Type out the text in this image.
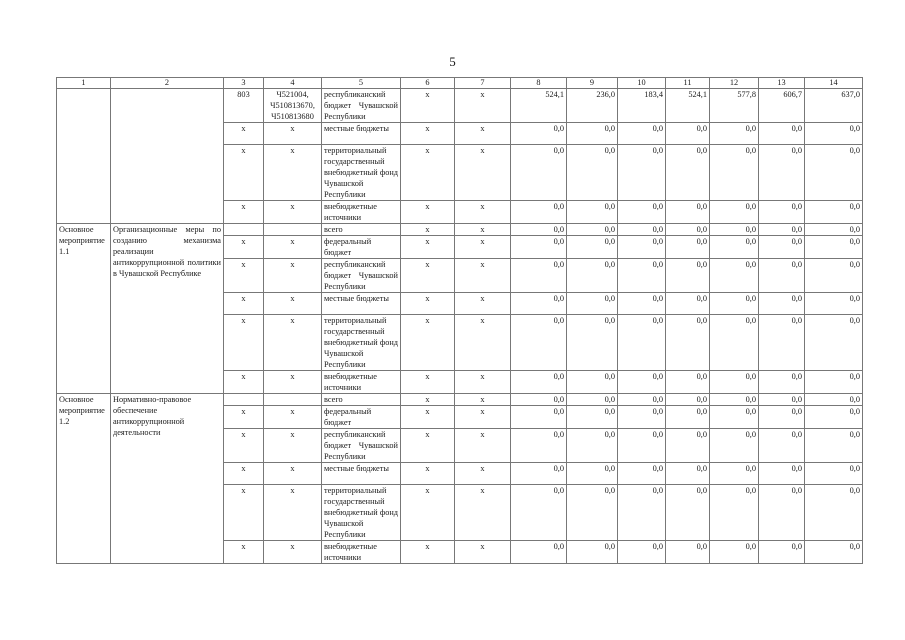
5
1	2	3	4	5	6	7	8	9	10	11	12	13	14
		803	Ч521004, Ч510813670, Ч510813680	республиканский бюджет Чувашской Республики	x	x	524,1	236,0	183,4	524,1	577,8	606,7	637,0
		x	x	местные бюджеты	x	x	0,0	0,0	0,0	0,0	0,0	0,0	0,0
		x	x	территориальный государственный внебюджетный фонд Чувашской Республики	x	x	0,0	0,0	0,0	0,0	0,0	0,0	0,0
		x	x	внебюджетные источники	x	x	0,0	0,0	0,0	0,0	0,0	0,0	0,0
Основное мероприятие 1.1	Организационные меры по созданию механизма реализации антикоррупционной политики в Чувашской Республике			всего	x	x	0,0	0,0	0,0	0,0	0,0	0,0	0,0
		x	x	федеральный бюджет	x	x	0,0	0,0	0,0	0,0	0,0	0,0	0,0
		x	x	республиканский бюджет Чувашской Республики	x	x	0,0	0,0	0,0	0,0	0,0	0,0	0,0
		x	x	местные бюджеты	x	x	0,0	0,0	0,0	0,0	0,0	0,0	0,0
		x	x	территориальный государственный внебюджетный фонд Чувашской Республики	x	x	0,0	0,0	0,0	0,0	0,0	0,0	0,0
		x	x	внебюджетные источники	x	x	0,0	0,0	0,0	0,0	0,0	0,0	0,0
Основное мероприятие 1.2	Нормативно-правовое обеспечение антикоррупционной деятельности			всего	x	x	0,0	0,0	0,0	0,0	0,0	0,0	0,0
		x	x	федеральный бюджет	x	x	0,0	0,0	0,0	0,0	0,0	0,0	0,0
		x	x	республиканский бюджет Чувашской Республики	x	x	0,0	0,0	0,0	0,0	0,0	0,0	0,0
		x	x	местные бюджеты	x	x	0,0	0,0	0,0	0,0	0,0	0,0	0,0
		x	x	территориальный государственный внебюджетный фонд Чувашской Республики	x	x	0,0	0,0	0,0	0,0	0,0	0,0	0,0
		x	x	внебюджетные источники	x	x	0,0	0,0	0,0	0,0	0,0	0,0	0,0
